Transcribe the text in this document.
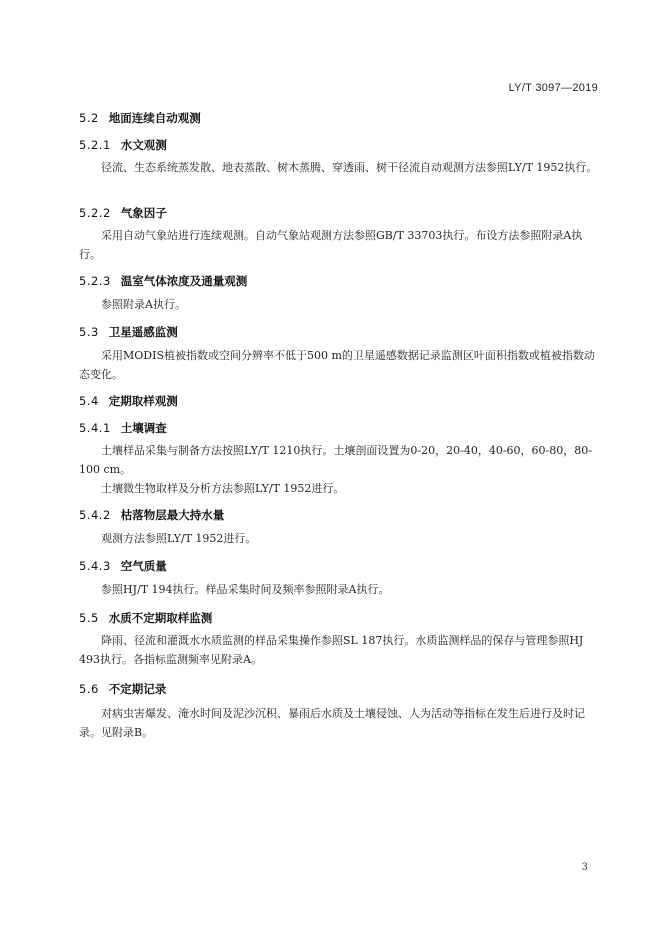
LY/T 3097—2019
5.2 地面连续自动观测
5.2.1 水文观测

径流、生态系统蒸发散、地表蒸散、树木蒸腾、穿透雨、树干径流自动观测方法参照LY/T 1952执行。

5.2.2 气象因子

采用自动气象站进行连续观测。自动气象站观测方法参照GB/T 33703执行。布设方法参照附录A执行。

5.2.3 温室气体浓度及通量观测

参照附录A执行。

5.3 卫星遥感监测

采用MODIS植被指数或空间分辨率不低于500 m的卫星遥感数据记录监测区叶面积指数或植被指数动态变化。

5.4 定期取样观测
5.4.1 土壤调查

土壤样品采集与制备方法按照LY/T 1210执行。土壤剖面设置为0-20，20-40，40-60，60-80，80-100 cm。

土壤微生物取样及分析方法参照LY/T 1952进行。

5.4.2 枯落物层最大持水量

观测方法参照LY/T 1952进行。

5.4.3 空气质量

参照HJ/T 194执行。样品采集时间及频率参照附录A执行。

5.5 水质不定期取样监测

降雨、径流和灌溉水水质监测的样品采集操作参照SL 187执行。水质监测样品的保存与管理参照HJ 493执行。各指标监测频率见附录A。

5.6 不定期记录

对病虫害爆发、淹水时间及泥沙沉积、暴雨后水质及土壤侵蚀、人为活动等指标在发生后进行及时记录。见附录B。

3
